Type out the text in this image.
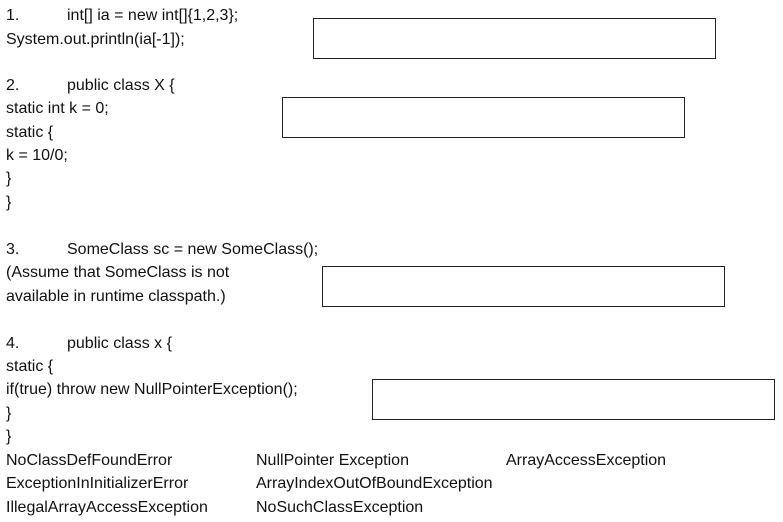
1.	int[] ia = new int[]{1,2,3};
System.out.println(ia[-1]);
2.	public class X {
static int k = 0;
static {
k = 10/0;
}
}
3.	SomeClass sc = new SomeClass();
(Assume that SomeClass is not
available in runtime classpath.)
4.	public class x {
static {
if(true) throw new NullPointerException();
}
}
NoClassDefFoundError	NullPointer Exception	ArrayAccessException
ExceptionInInitializerError	ArrayIndexOutOfBoundException
IllegalArrayAccessException	NoSuchClassException
